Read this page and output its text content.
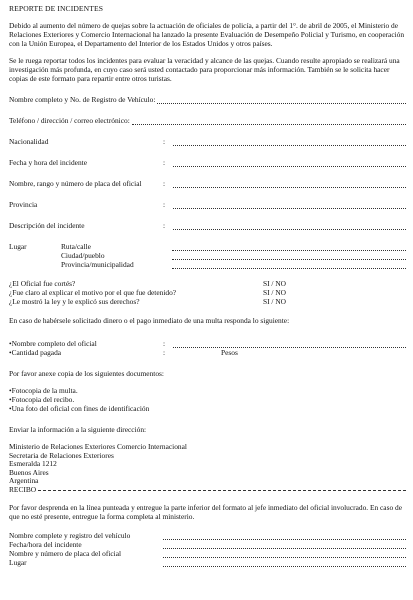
REPORTE DE INCIDENTES
Debido al aumento del número de quejas sobre la actuación de oficiales de policía, a partir del 1°. de abril de 2005, el Ministerio de Relaciones Exteriores y Comercio Internacional ha lanzado la presente Evaluación de Desempeño Policial y Turismo, en cooperación con la Unión Europea, el Departamento del Interior de los Estados Unidos y otros países.
Se le ruega reportar todos los incidentes para evaluar la veracidad y alcance de las quejas. Cuando resulte apropiado se realizará una investigación más profunda, en cuyo caso será usted contactado para proporcionar más información. También se le solicita hacer copias de este formato para repartir entre otros turistas.
Nombre completo y No. de Registro de Vehículo:
Teléfono / dirección / correo electrónico:
Nacionalidad	:
Fecha y hora del incidente	:
Nombre, rango y número de placa del oficial	:
Provincia	:
Descripción del incidente	:
Lugar	Ruta/calle
Ciudad/pueblo
Provincia/municipalidad
¿El Oficial fue cortés?	SI / NO
¿Fue claro al explicar el motivo por el que fue detenido?	SI / NO
¿Le mostró la ley y le explicó sus derechos?	SI / NO
En caso de habérsele solicitado dinero o el pago inmediato de una multa responda lo siguiente:
•Nombre completo del oficial	:
•Cantidad pagada	:	Pesos
Por favor anexe copia de los siguientes documentos:
•Fotocopia de la multa.
•Fotocopia del recibo.
•Una foto del oficial con fines de identificación
Enviar la información a la siguiente dirección:
Ministerio de Relaciones Exteriores Comercio Internacional
Secretaria de Relaciones Exteriores
Esmeralda 1212
Buenos Aires
Argentina
RECIBO
Por favor desprenda en la línea punteada y entregue la parte inferior del formato al jefe inmediato del oficial involucrado. En caso de que no esté presente, entregue la forma completa al ministerio.
Nombre complete y registro del vehículo
Fecha/hora del incidente
Nombre y número de placa del oficial
Lugar
